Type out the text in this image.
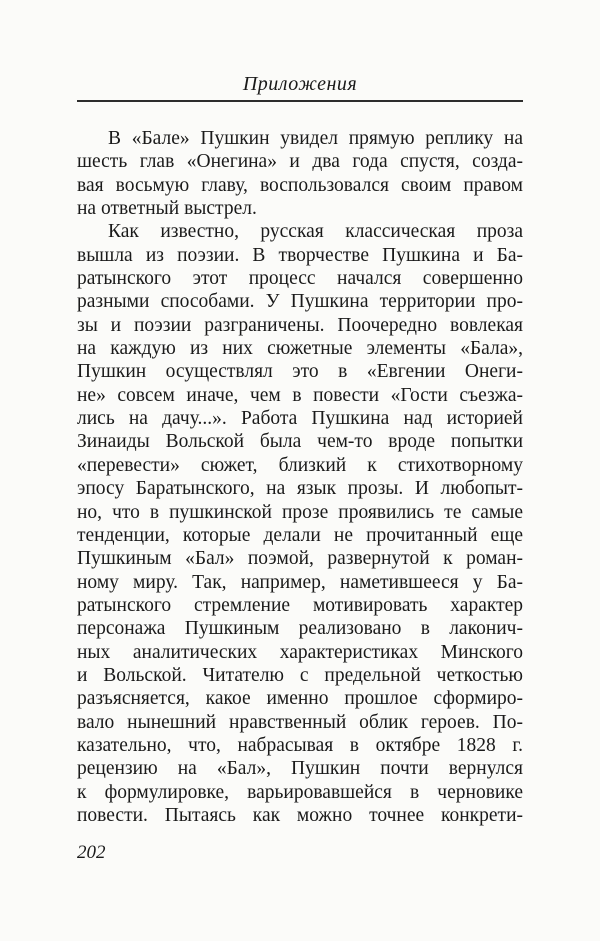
Приложения
В «Бале» Пушкин увидел прямую реплику на
шесть глав «Онегина» и два года спустя, созда-
вая восьмую главу, воспользовался своим правом
на ответный выстрел.
Как известно, русская классическая проза
вышла из поэзии. В творчестве Пушкина и Ба-
ратынского этот процесс начался совершенно
разными способами. У Пушкина территории про-
зы и поэзии разграничены. Поочередно вовлекая
на каждую из них сюжетные элементы «Бала»,
Пушкин осуществлял это в «Евгении Онеги-
не» совсем иначе, чем в повести «Гости съезжа-
лись на дачу...». Работа Пушкина над историей
Зинаиды Вольской была чем-то вроде попытки
«перевести» сюжет, близкий к стихотворному
эпосу Баратынского, на язык прозы. И любопыт-
но, что в пушкинской прозе проявились те самые
тенденции, которые делали не прочитанный еще
Пушкиным «Бал» поэмой, развернутой к роман-
ному миру. Так, например, наметившееся у Ба-
ратынского стремление мотивировать характер
персонажа Пушкиным реализовано в лаконич-
ных аналитических характеристиках Минского
и Вольской. Читателю с предельной четкостью
разъясняется, какое именно прошлое сформиро-
вало нынешний нравственный облик героев. По-
казательно, что, набрасывая в октябре 1828 г.
рецензию на «Бал», Пушкин почти вернулся
к формулировке, варьировавшейся в черновике
повести. Пытаясь как можно точнее конкрети-
202
